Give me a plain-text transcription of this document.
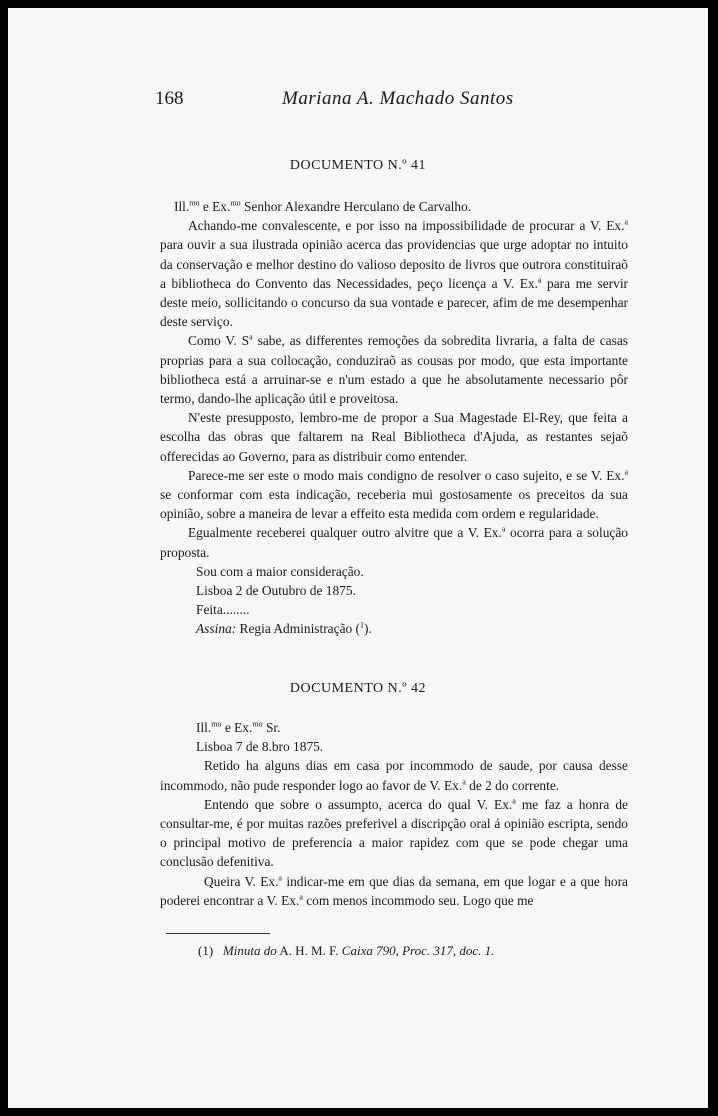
168	Mariana A. Machado Santos
DOCUMENTO N.º 41

Ill.$^{mo}$ e Ex.$^{mo}$ Senhor Alexandre Herculano de Carvalho.

Achando-me convalescente, e por isso na impossibilidade de procurar a V. Ex.$^a$ para ouvir a sua ilustrada opinião acerca das providencias que urge adoptar no intuito da conservação e melhor destino do valioso deposito de livros que outrora constituiraõ a bibliotheca do Convento das Necessidades, peço licença a V. Ex.$^a$ para me servir deste meio, sollicitando o concurso da sua vontade e parecer, afim de me desempenhar deste serviço.

Como V. $S^a$ sabe, as differentes remoções da sobredita livraria, a falta de casas proprias para a sua collocação, conduziraõ as cousas por modo, que esta importante bibliotheca está a arruinar-se e n'um estado a que he absolutamente necessario pôr termo, dando-lhe aplicação útil e proveitosa.

N'este presupposto, lembro-me de propor a Sua Magestade El-Rey, que feita a escolha das obras que faltarem na Real Bibliotheca d'Ajuda, as restantes sejaõ offerecidas ao Governo, para as distribuir como entender.

Parece-me ser este o modo mais condigno de resolver o caso sujeito, e se V. Ex.$^a$ se conformar com esta indicação, receberia mui gostosamente os preceitos da sua opinião, sobre a maneira de levar a effeito esta medida com ordem e regularidade.

Egualmente receberei qualquer outro alvitre que a V. Ex.$^a$ ocorra para a solução proposta.

Sou com a maior consideração.

Lisboa 2 de Outubro de 1875.

Feita........

Assina: Regia Administração ($^1$).

DOCUMENTO N.º 42

Ill.$^{mo}$ e Ex.$^{mo}$ Sr.

Lisboa 7 de 8.bro 1875.

Retido ha alguns dias em casa por incommodo de saude, por causa desse incommodo, não pude responder logo ao favor de V. Ex.$^a$ de 2 do corrente.

Entendo que sobre o assumpto, acerca do qual V. Ex.$^a$ me faz a honra de consultar-me, é por muitas razões preferivel a discripção oral á opinião escripta, sendo o principal motivo de preferencia a maior rapidez com que se pode chegar uma conclusão defenitiva.

Queira V. Ex.$^a$ indicar-me em que dias da semana, em que logar e a que hora poderei encontrar a V. Ex.$^a$ com menos incommodo seu. Logo que me

(1) Minuta do A. H. M. F. Caixa 790, Proc. 317, doc. 1.
